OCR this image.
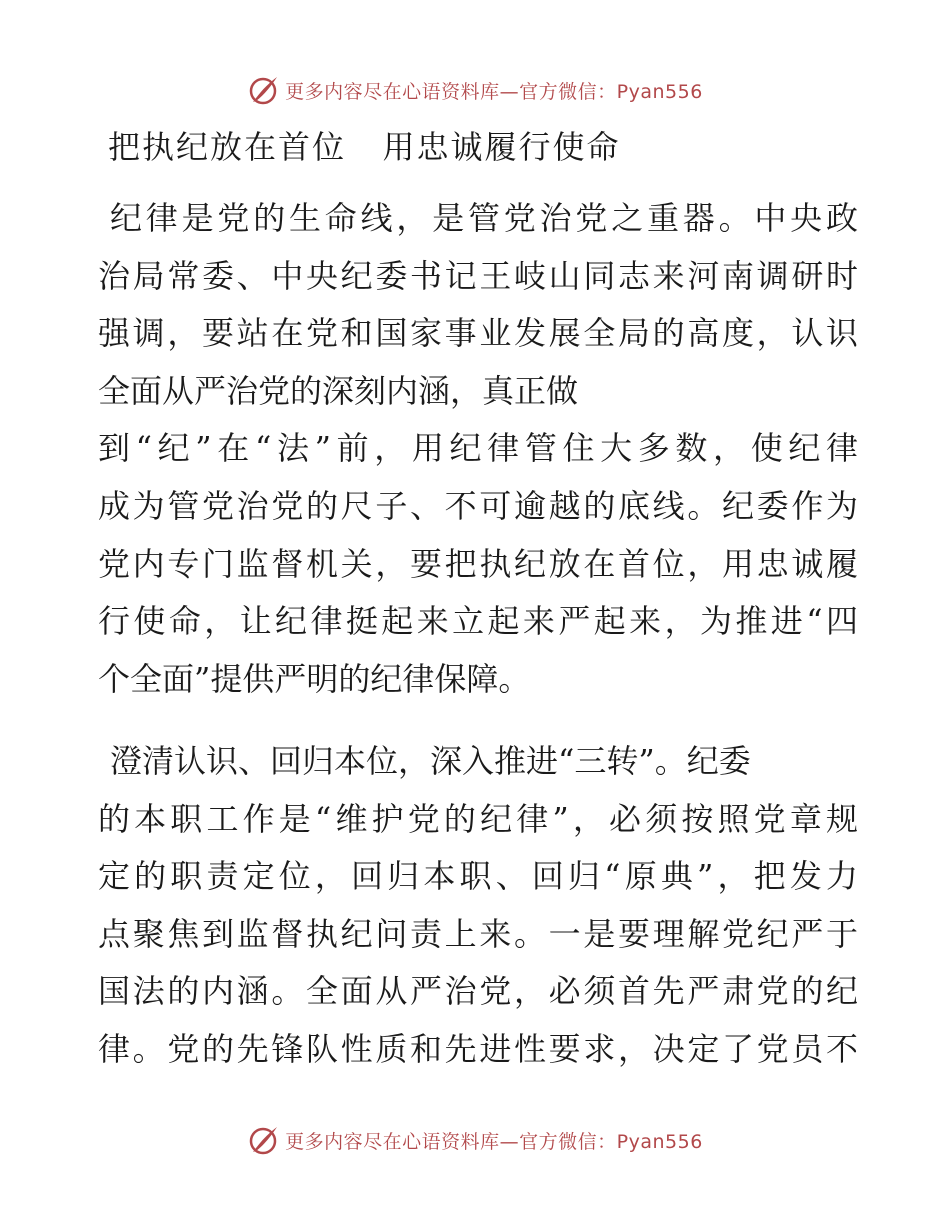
更多内容尽在心语资料库—官方微信：Pyan556
把执纪放在首位   用忠诚履行使命
纪律是党的生命线，是管党治党之重器。中央政
治局常委、中央纪委书记王岐山同志来河南调研时
强调，要站在党和国家事业发展全局的高度，认识
全面从严治党的深刻内涵，真正做
到“纪”在“法”前，用纪律管住大多数，使纪律
成为管党治党的尺子、不可逾越的底线。纪委作为
党内专门监督机关，要把执纪放在首位，用忠诚履
行使命，让纪律挺起来立起来严起来，为推进“四
个全面”提供严明的纪律保障。
澄清认识、回归本位，深入推进“三转”。纪委
的本职工作是“维护党的纪律”，必须按照党章规
定的职责定位，回归本职、回归“原典”，把发力
点聚焦到监督执纪问责上来。一是要理解党纪严于
国法的内涵。全面从严治党，必须首先严肃党的纪
律。党的先锋队性质和先进性要求，决定了党员不
更多内容尽在心语资料库—官方微信：Pyan556
